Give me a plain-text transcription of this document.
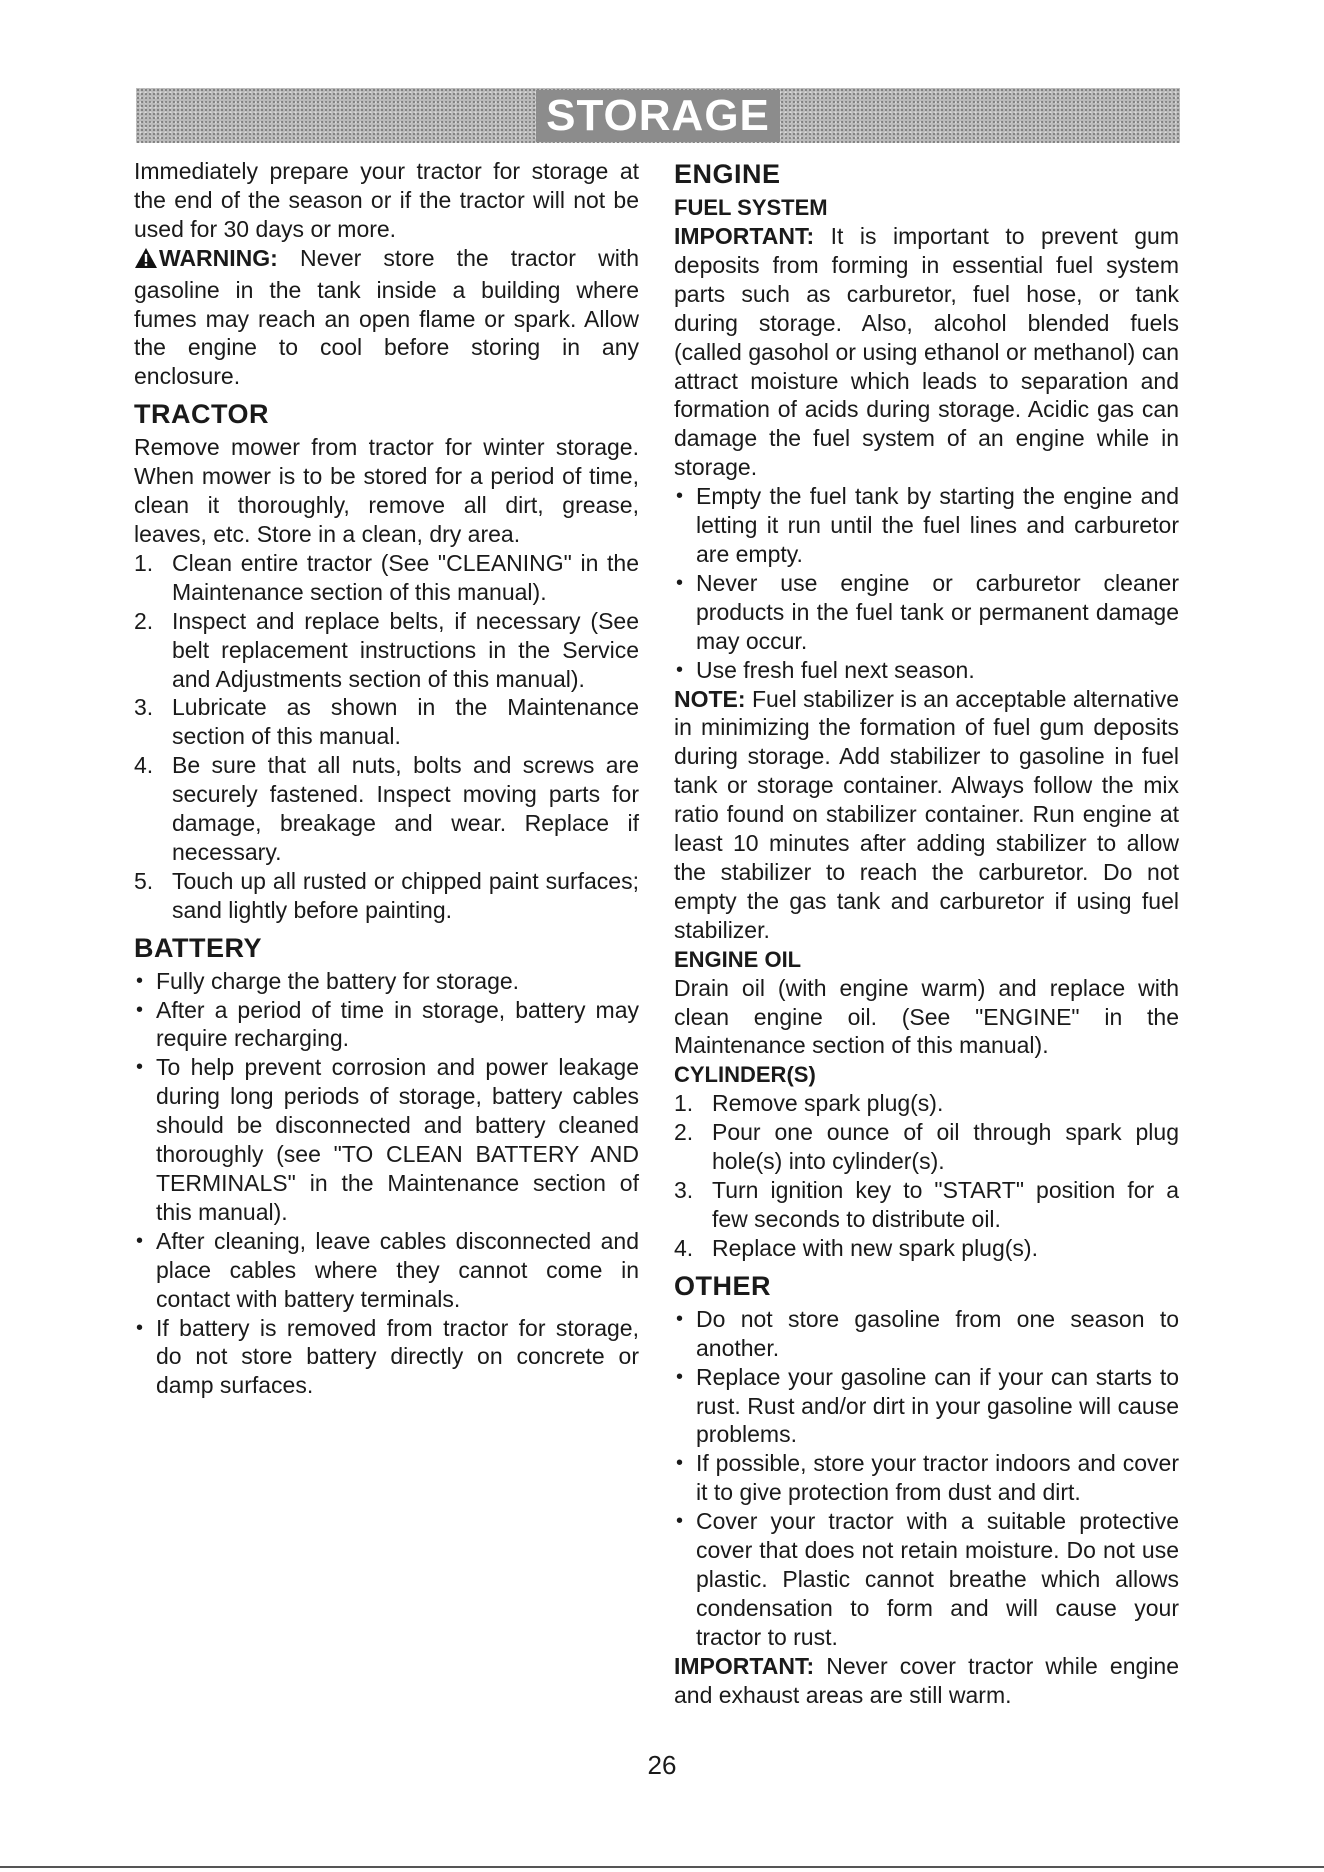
STORAGE

Immediately prepare your tractor for storage at the end of the season or if the tractor will not be used for 30 days or more.

WARNING: Never store the tractor with gasoline in the tank inside a building where fumes may reach an open flame or spark. Allow the engine to cool before storing in any enclosure.

TRACTOR

Remove mower from tractor for winter storage. When mower is to be stored for a period of time, clean it thoroughly, remove all dirt, grease, leaves, etc. Store in a clean, dry area.

1. Clean entire tractor (See "CLEANING" in the Maintenance section of this manual).
2. Inspect and replace belts, if necessary (See belt replacement instructions in the Service and Adjustments section of this manual).
3. Lubricate as shown in the Maintenance section of this manual.
4. Be sure that all nuts, bolts and screws are securely fastened. Inspect moving parts for damage, breakage and wear. Replace if necessary.
5. Touch up all rusted or chipped paint surfaces; sand lightly before painting.
BATTERY
• Fully charge the battery for storage.
• After a period of time in storage, battery may require recharging.
• To help prevent corrosion and power leakage during long periods of storage, battery cables should be disconnected and battery cleaned thoroughly (see "TO CLEAN BATTERY AND TERMINALS" in the Maintenance section of this manual).
• After cleaning, leave cables disconnected and place cables where they cannot come in contact with battery terminals.
• If battery is removed from tractor for storage, do not store battery directly on concrete or damp surfaces.
ENGINE
FUEL SYSTEM

IMPORTANT: It is important to prevent gum deposits from forming in essential fuel system parts such as carburetor, fuel hose, or tank during storage. Also, alcohol blended fuels (called gasohol or using ethanol or methanol) can attract moisture which leads to separation and formation of acids during storage. Acidic gas can damage the fuel system of an engine while in storage.

• Empty the fuel tank by starting the engine and letting it run until the fuel lines and carburetor are empty.
• Never use engine or carburetor cleaner products in the fuel tank or permanent damage may occur.
• Use fresh fuel next season.

NOTE: Fuel stabilizer is an acceptable alternative in minimizing the formation of fuel gum deposits during storage. Add stabilizer to gasoline in fuel tank or storage container. Always follow the mix ratio found on stabilizer container. Run engine at least 10 minutes after adding stabilizer to allow the stabilizer to reach the carburetor. Do not empty the gas tank and carburetor if using fuel stabilizer.

ENGINE OIL

Drain oil (with engine warm) and replace with clean engine oil. (See "ENGINE" in the Maintenance section of this manual).

CYLINDER(S)
1. Remove spark plug(s).
2. Pour one ounce of oil through spark plug hole(s) into cylinder(s).
3. Turn ignition key to "START" position for a few seconds to distribute oil.
4. Replace with new spark plug(s).
OTHER
• Do not store gasoline from one season to another.
• Replace your gasoline can if your can starts to rust. Rust and/or dirt in your gasoline will cause problems.
• If possible, store your tractor indoors and cover it to give protection from dust and dirt.
• Cover your tractor with a suitable protective cover that does not retain moisture. Do not use plastic. Plastic cannot breathe which allows condensation to form and will cause your tractor to rust.

IMPORTANT: Never cover tractor while engine and exhaust areas are still warm.

26
